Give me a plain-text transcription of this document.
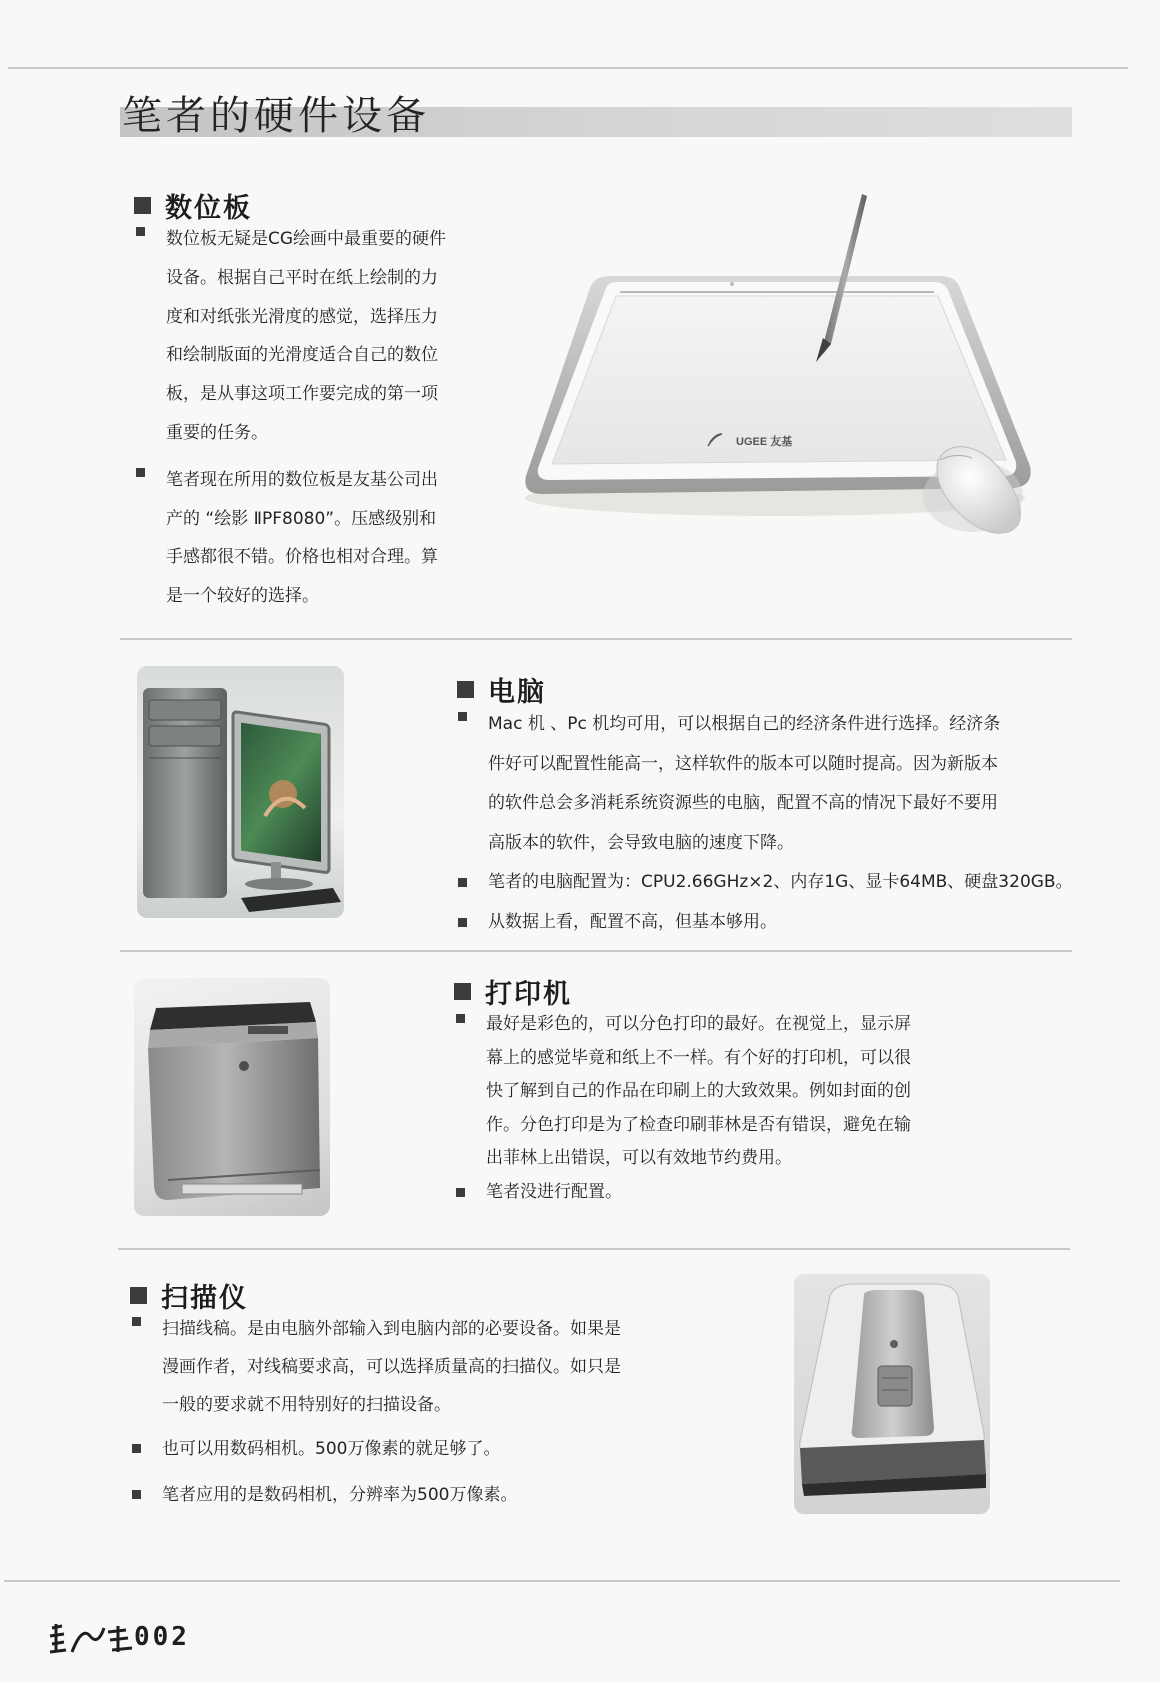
笔者的硬件设备
数位板
数位板无疑是CG绘画中最重要的硬件
设备。根据自己平时在纸上绘制的力
度和对纸张光滑度的感觉，选择压力
和绘制版面的光滑度适合自己的数位
板，是从事这项工作要完成的第一项
重要的任务。
笔者现在所用的数位板是友基公司出
产的 “绘影 ⅡPF8080”。压感级别和
手感都很不错。价格也相对合理。算
是一个较好的选择。
UGEE 友基
电脑
Mac 机 、Pc 机均可用，可以根据自己的经济条件进行选择。经济条
件好可以配置性能高一，这样软件的版本可以随时提高。因为新版本
的软件总会多消耗系统资源些的电脑，配置不高的情况下最好不要用
高版本的软件，会导致电脑的速度下降。
笔者的电脑配置为：CPU2.66GHz×2、内存1G、显卡64MB、硬盘320GB。
从数据上看，配置不高，但基本够用。
打印机
最好是彩色的，可以分色打印的最好。在视觉上，显示屏
幕上的感觉毕竟和纸上不一样。有个好的打印机，可以很
快了解到自己的作品在印刷上的大致效果。例如封面的创
作。分色打印是为了检查印刷菲林是否有错误，避免在输
出菲林上出错误，可以有效地节约费用。
笔者没进行配置。
扫描仪
扫描线稿。是由电脑外部输入到电脑内部的必要设备。如果是
漫画作者，对线稿要求高，可以选择质量高的扫描仪。如只是
一般的要求就不用特别好的扫描设备。
也可以用数码相机。500万像素的就足够了。
笔者应用的是数码相机，分辨率为500万像素。
002
